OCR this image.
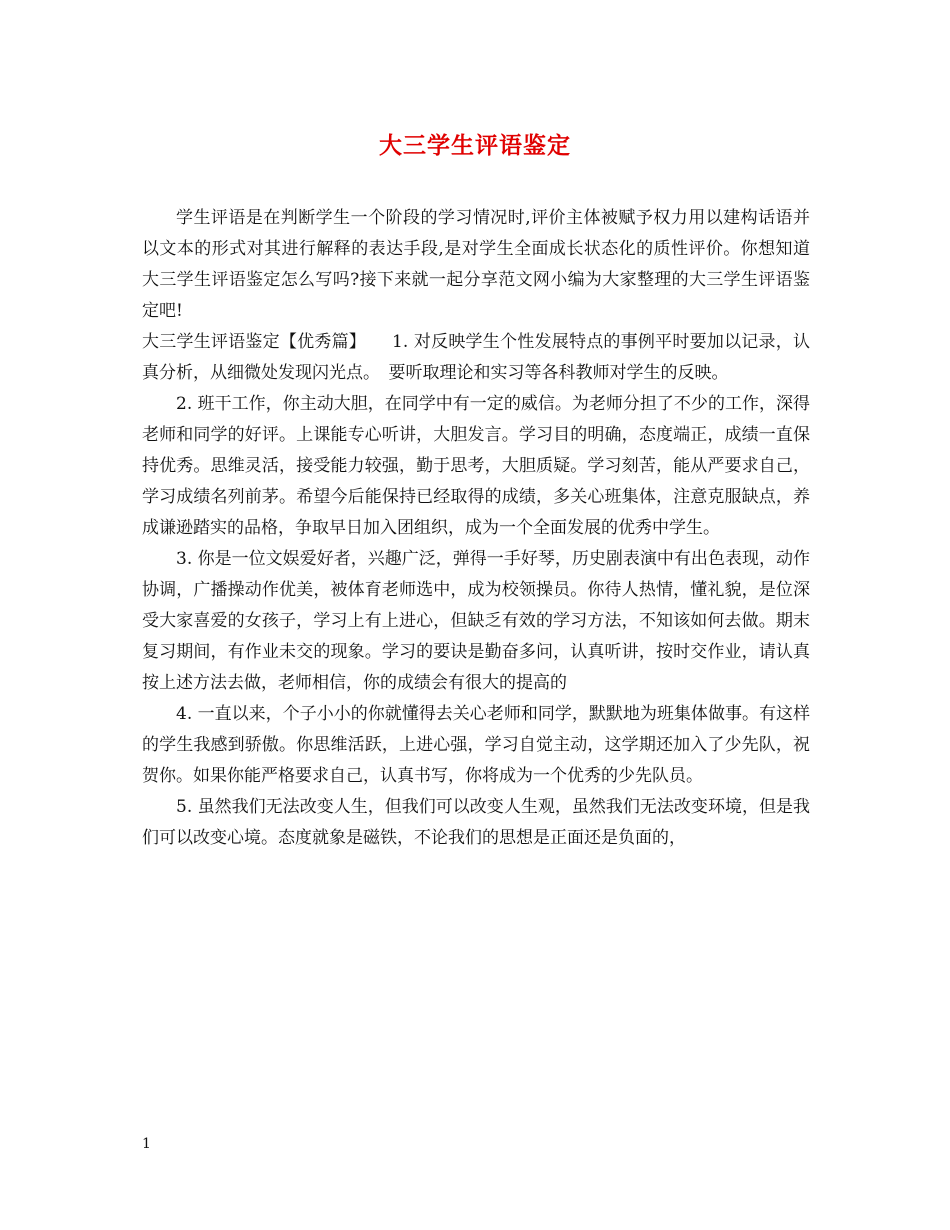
大三学生评语鉴定

学生评语是在判断学生一个阶段的学习情况时,评价主体被赋予权力用以建构话语并以文本的形式对其进行解释的表达手段,是对学生全面成长状态化的质性评价。你想知道大三学生评语鉴定怎么写吗?接下来就一起分享范文网小编为大家整理的大三学生评语鉴定吧!

大三学生评语鉴定【优秀篇】　　1. 对反映学生个性发展特点的事例平时要加以记录，认真分析，从细微处发现闪光点。　要听取理论和实习等各科教师对学生的反映。

2. 班干工作，你主动大胆，在同学中有一定的威信。为老师分担了不少的工作，深得老师和同学的好评。上课能专心听讲，大胆发言。学习目的明确，态度端正，成绩一直保持优秀。思维灵活，接受能力较强，勤于思考，大胆质疑。学习刻苦，能从严要求自己，学习成绩名列前茅。希望今后能保持已经取得的成绩，多关心班集体，注意克服缺点，养成谦逊踏实的品格，争取早日加入团组织，成为一个全面发展的优秀中学生。

3. 你是一位文娱爱好者，兴趣广泛，弹得一手好琴，历史剧表演中有出色表现，动作协调，广播操动作优美，被体育老师选中，成为校领操员。你待人热情，懂礼貌，是位深受大家喜爱的女孩子，学习上有上进心，但缺乏有效的学习方法，不知该如何去做。期末复习期间，有作业未交的现象。学习的要诀是勤奋多问，认真听讲，按时交作业，请认真按上述方法去做，老师相信，你的成绩会有很大的提高的

4. 一直以来，个子小小的你就懂得去关心老师和同学，默默地为班集体做事。有这样的学生我感到骄傲。你思维活跃，上进心强，学习自觉主动，这学期还加入了少先队，祝贺你。如果你能严格要求自己，认真书写，你将成为一个优秀的少先队员。

5. 虽然我们无法改变人生，但我们可以改变人生观，虽然我们无法改变环境，但是我们可以改变心境。态度就象是磁铁，不论我们的思想是正面还是负面的，

1
